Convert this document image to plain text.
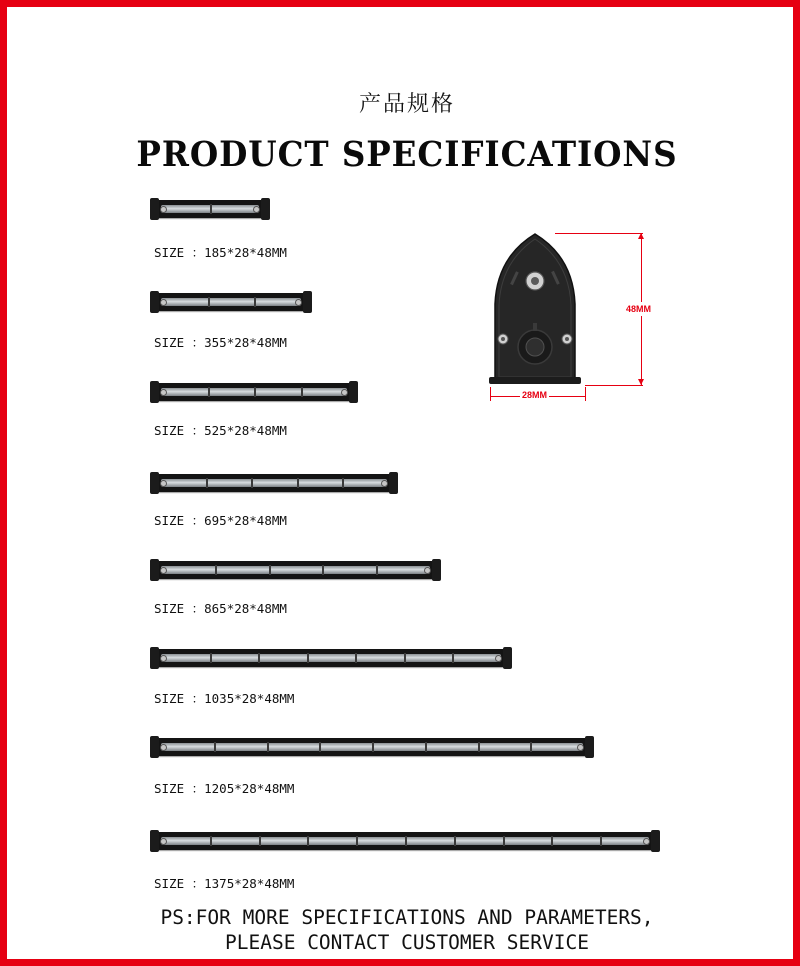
产品规格
PRODUCT SPECIFICATIONS
SIZE ：185*28*48MM
SIZE ：355*28*48MM
SIZE ：525*28*48MM
SIZE ：695*28*48MM
SIZE ：865*28*48MM
SIZE ：1035*28*48MM
SIZE ：1205*28*48MM
SIZE ：1375*28*48MM
48MM
28MM
PS:FOR MORE SPECIFICATIONS AND PARAMETERS,
PLEASE CONTACT CUSTOMER SERVICE
